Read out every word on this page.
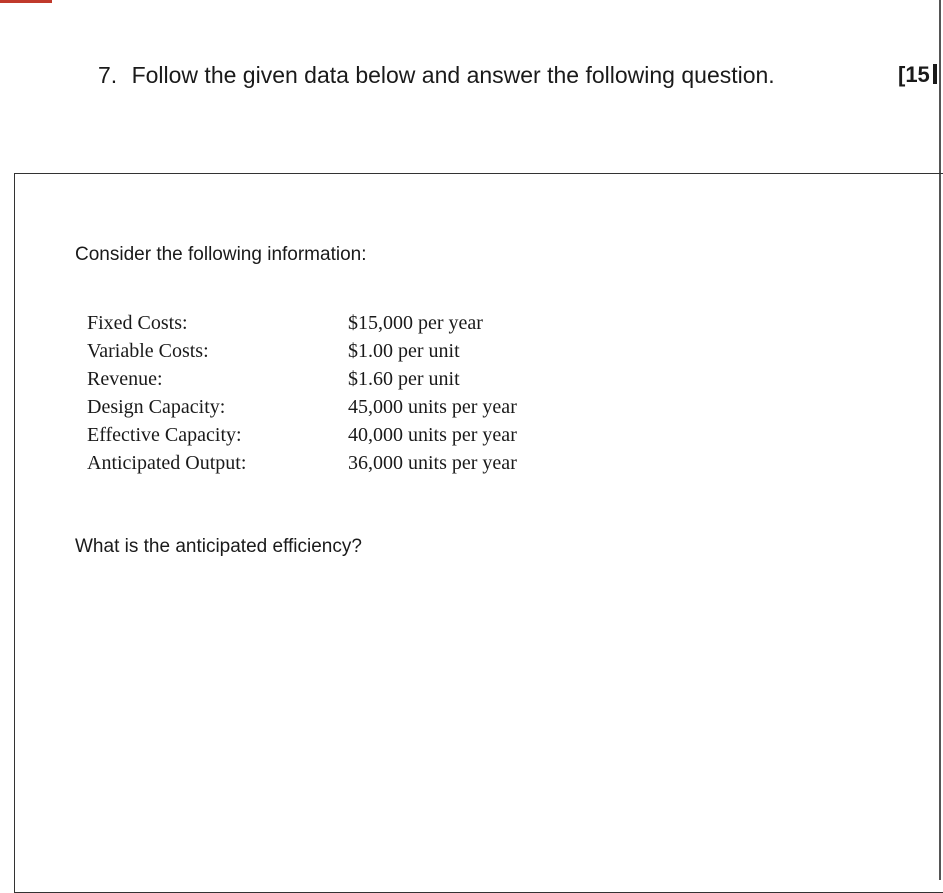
7. Follow the given data below and answer the following question.	[15
Consider the following information:
Fixed Costs:	$15,000 per year
Variable Costs:	$1.00 per unit
Revenue:	$1.60 per unit
Design Capacity:	45,000 units per year
Effective Capacity:	40,000 units per year
Anticipated Output:	36,000 units per year
What is the anticipated efficiency?
